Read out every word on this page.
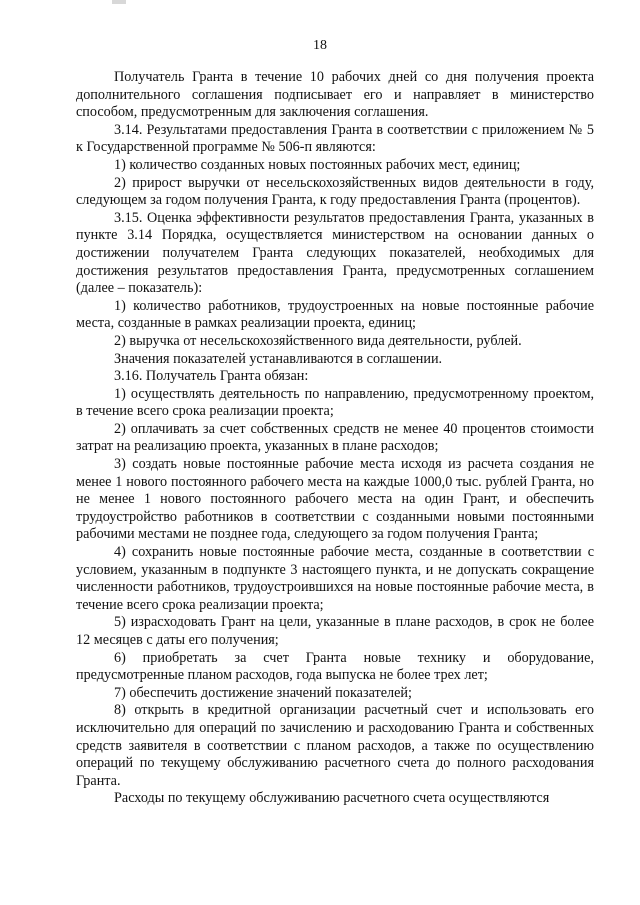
18

Получатель Гранта в течение 10 рабочих дней со дня получения проекта дополнительного соглашения подписывает его и направляет в министерство способом, предусмотренным для заключения соглашения.

3.14. Результатами предоставления Гранта в соответствии с приложением № 5 к Государственной программе № 506-п являются:

1) количество созданных новых постоянных рабочих мест, единиц;

2) прирост выручки от несельскохозяйственных видов деятельности в году, следующем за годом получения Гранта, к году предоставления Гранта (процентов).

3.15. Оценка эффективности результатов предоставления Гранта, указанных в пункте 3.14 Порядка, осуществляется министерством на основании данных о достижении получателем Гранта следующих показателей, необходимых для достижения результатов предоставления Гранта, предусмотренных соглашением (далее – показатель):

1) количество работников, трудоустроенных на новые постоянные рабочие места, созданные в рамках реализации проекта, единиц;

2) выручка от несельскохозяйственного вида деятельности, рублей.

Значения показателей устанавливаются в соглашении.

3.16. Получатель Гранта обязан:

1) осуществлять деятельность по направлению, предусмотренному проектом, в течение всего срока реализации проекта;

2) оплачивать за счет собственных средств не менее 40 процентов стоимости затрат на реализацию проекта, указанных в плане расходов;

3) создать новые постоянные рабочие места исходя из расчета создания не менее 1 нового постоянного рабочего места на каждые 1000,0 тыс. рублей Гранта, но не менее 1 нового постоянного рабочего места на один Грант, и обеспечить трудоустройство работников в соответствии с созданными новыми постоянными рабочими местами не позднее года, следующего за годом получения Гранта;

4) сохранить новые постоянные рабочие места, созданные в соответствии с условием, указанным в подпункте 3 настоящего пункта, и не допускать сокращение численности работников, трудоустроившихся на новые постоянные рабочие места, в течение всего срока реализации проекта;

5) израсходовать Грант на цели, указанные в плане расходов, в срок не более 12 месяцев с даты его получения;

6) приобретать за счет Гранта новые технику и оборудование, предусмотренные планом расходов, года выпуска не более трех лет;

7) обеспечить достижение значений показателей;

8) открыть в кредитной организации расчетный счет и использовать его исключительно для операций по зачислению и расходованию Гранта и собственных средств заявителя в соответствии с планом расходов, а также по осуществлению операций по текущему обслуживанию расчетного счета до полного расходования Гранта.

Расходы по текущему обслуживанию расчетного счета осуществляются
